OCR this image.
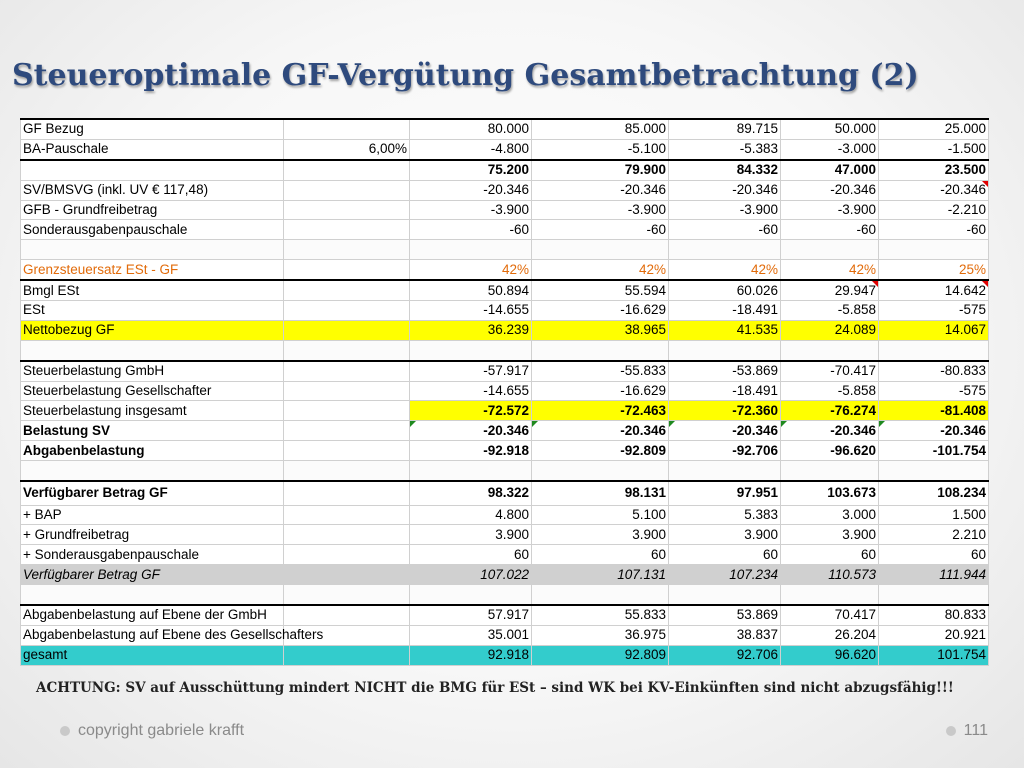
Steueroptimale GF-Vergütung Gesamtbetrachtung (2)
GF Bezug		80.000	85.000	89.715	50.000	25.000
BA-Pauschale	6,00%	-4.800	-5.100	-5.383	-3.000	-1.500
		75.200	79.900	84.332	47.000	23.500
SV/BMSVG (inkl. UV € 117,48)		-20.346	-20.346	-20.346	-20.346	-20.346
GFB - Grundfreibetrag		-3.900	-3.900	-3.900	-3.900	-2.210
Sonderausgabenpauschale		-60	-60	-60	-60	-60

Grenzsteuersatz ESt - GF		42%	42%	42%	42%	25%
Bmgl ESt		50.894	55.594	60.026	29.947	14.642
ESt		-14.655	-16.629	-18.491	-5.858	-575
Nettobezug GF		36.239	38.965	41.535	24.089	14.067

Steuerbelastung GmbH		-57.917	-55.833	-53.869	-70.417	-80.833
Steuerbelastung Gesellschafter		-14.655	-16.629	-18.491	-5.858	-575
Steuerbelastung insgesamt		-72.572	-72.463	-72.360	-76.274	-81.408
Belastung SV		-20.346	-20.346	-20.346	-20.346	-20.346
Abgabenbelastung		-92.918	-92.809	-92.706	-96.620	-101.754

Verfügbarer Betrag GF		98.322	98.131	97.951	103.673	108.234
+ BAP		4.800	5.100	5.383	3.000	1.500
+ Grundfreibetrag		3.900	3.900	3.900	3.900	2.210
+ Sonderausgabenpauschale		60	60	60	60	60
Verfügbarer Betrag GF		107.022	107.131	107.234	110.573	111.944

Abgabenbelastung auf Ebene der GmbH		57.917	55.833	53.869	70.417	80.833
Abgabenbelastung auf Ebene des Gesellschafters		35.001	36.975	38.837	26.204	20.921
gesamt		92.918	92.809	92.706	96.620	101.754
ACHTUNG: SV auf Ausschüttung mindert NICHT die BMG für ESt – sind WK bei KV-Einkünften sind nicht abzugsfähig!!!
copyright gabriele krafft	111
